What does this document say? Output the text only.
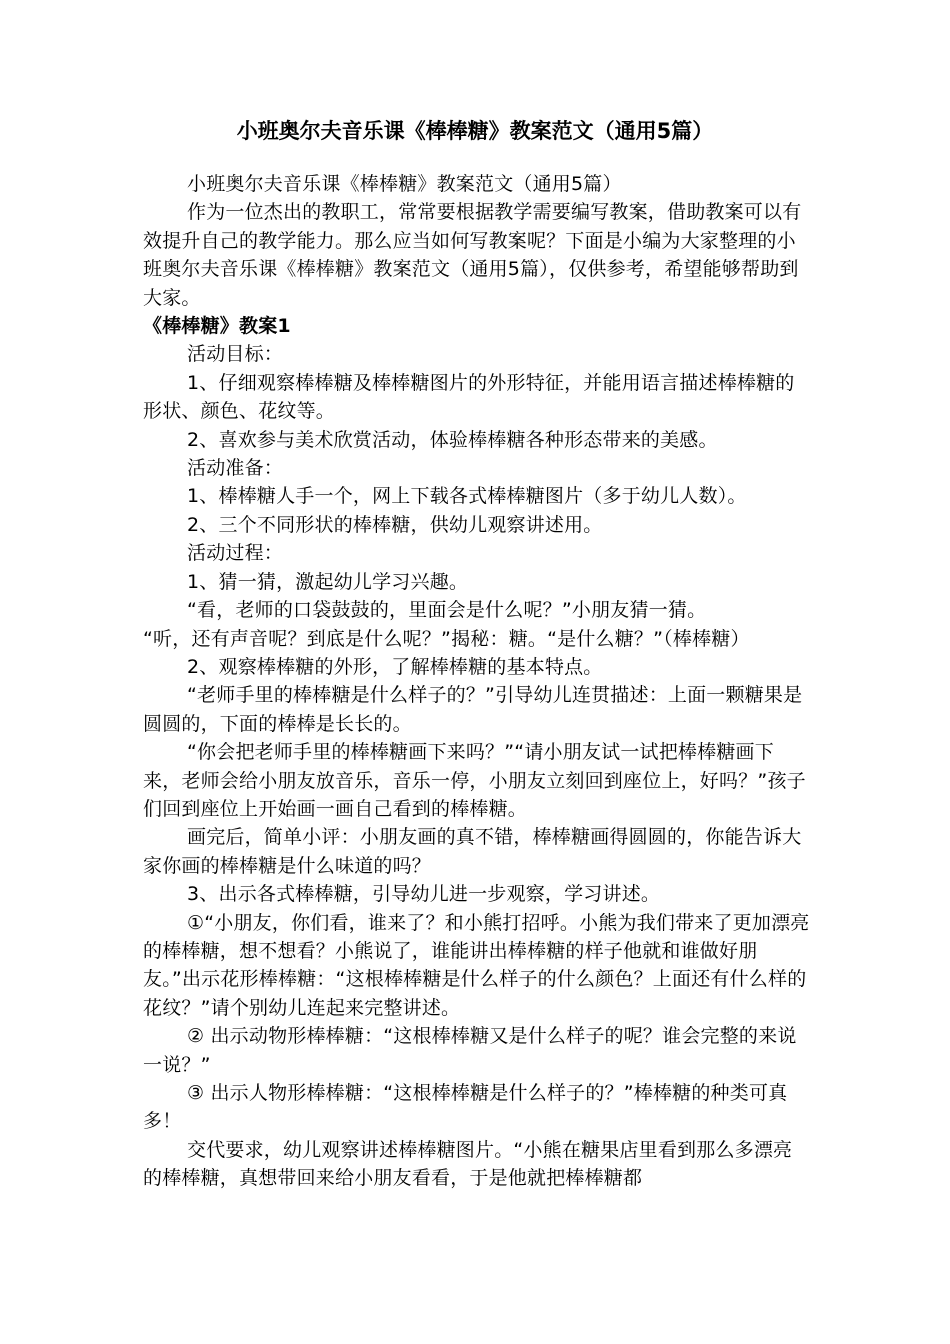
小班奥尔夫音乐课《棒棒糖》教案范文（通用5篇）

小班奥尔夫音乐课《棒棒糖》教案范文（通用5篇）

作为一位杰出的教职工，常常要根据教学需要编写教案，借助教案可以有效提升自己的教学能力。那么应当如何写教案呢？下面是小编为大家整理的小班奥尔夫音乐课《棒棒糖》教案范文（通用5篇），仅供参考，希望能够帮助到大家。

《棒棒糖》教案1

活动目标：

1、仔细观察棒棒糖及棒棒糖图片的外形特征，并能用语言描述棒棒糖的形状、颜色、花纹等。

2、喜欢参与美术欣赏活动，体验棒棒糖各种形态带来的美感。

活动准备：

1、棒棒糖人手一个，网上下载各式棒棒糖图片（多于幼儿人数）。

2、三个不同形状的棒棒糖，供幼儿观察讲述用。

活动过程：

1、猜一猜，激起幼儿学习兴趣。

“看，老师的口袋鼓鼓的，里面会是什么呢？”小朋友猜一猜。

“听，还有声音呢？到底是什么呢？”揭秘：糖。“是什么糖？”（棒棒糖）

2、观察棒棒糖的外形，了解棒棒糖的基本特点。

“老师手里的棒棒糖是什么样子的？”引导幼儿连贯描述：上面一颗糖果是圆圆的，下面的棒棒是长长的。

“你会把老师手里的棒棒糖画下来吗？”“请小朋友试一试把棒棒糖画下来，老师会给小朋友放音乐，音乐一停，小朋友立刻回到座位上，好吗？”孩子们回到座位上开始画一画自己看到的棒棒糖。

画完后，简单小评：小朋友画的真不错，棒棒糖画得圆圆的，你能告诉大家你画的棒棒糖是什么味道的吗？

3、出示各式棒棒糖，引导幼儿进一步观察，学习讲述。

①“小朋友，你们看，谁来了？和小熊打招呼。小熊为我们带来了更加漂亮的棒棒糖，想不想看？小熊说了，谁能讲出棒棒糖的样子他就和谁做好朋友。”出示花形棒棒糖：“这根棒棒糖是什么样子的什么颜色？上面还有什么样的花纹？”请个别幼儿连起来完整讲述。

② 出示动物形棒棒糖：“这根棒棒糖又是什么样子的呢？谁会完整的来说一说？”

③ 出示人物形棒棒糖：“这根棒棒糖是什么样子的？”棒棒糖的种类可真多！

交代要求，幼儿观察讲述棒棒糖图片。“小熊在糖果店里看到那么多漂亮的棒棒糖，真想带回来给小朋友看看，于是他就把棒棒糖都
